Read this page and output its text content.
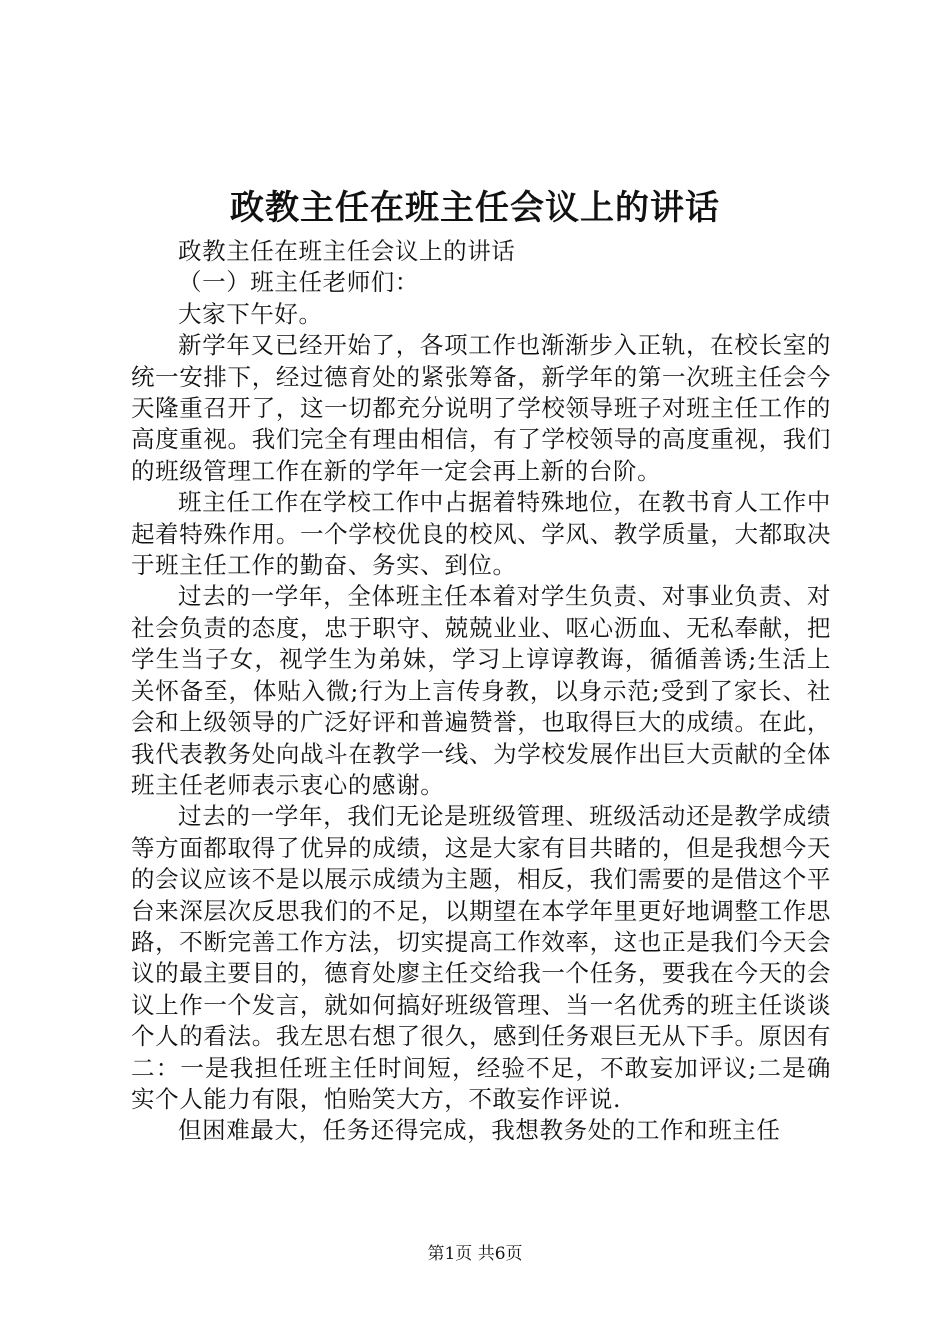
政教主任在班主任会议上的讲话

政教主任在班主任会议上的讲话

（一）班主任老师们：

大家下午好。

新学年又已经开始了，各项工作也渐渐步入正轨，在校长室的统一安排下，经过德育处的紧张筹备，新学年的第一次班主任会今天隆重召开了，这一切都充分说明了学校领导班子对班主任工作的高度重视。我们完全有理由相信，有了学校领导的高度重视，我们的班级管理工作在新的学年一定会再上新的台阶。

班主任工作在学校工作中占据着特殊地位，在教书育人工作中起着特殊作用。一个学校优良的校风、学风、教学质量，大都取决于班主任工作的勤奋、务实、到位。

过去的一学年，全体班主任本着对学生负责、对事业负责、对社会负责的态度，忠于职守、兢兢业业、呕心沥血、无私奉献，把学生当子女，视学生为弟妹，学习上谆谆教诲，循循善诱;生活上关怀备至，体贴入微;行为上言传身教，以身示范;受到了家长、社会和上级领导的广泛好评和普遍赞誉，也取得巨大的成绩。在此，我代表教务处向战斗在教学一线、为学校发展作出巨大贡献的全体班主任老师表示衷心的感谢。

过去的一学年，我们无论是班级管理、班级活动还是教学成绩等方面都取得了优异的成绩，这是大家有目共睹的，但是我想今天的会议应该不是以展示成绩为主题，相反，我们需要的是借这个平台来深层次反思我们的不足，以期望在本学年里更好地调整工作思路，不断完善工作方法，切实提高工作效率，这也正是我们今天会议的最主要目的，德育处廖主任交给我一个任务，要我在今天的会议上作一个发言，就如何搞好班级管理、当一名优秀的班主任谈谈个人的看法。我左思右想了很久，感到任务艰巨无从下手。原因有二：一是我担任班主任时间短，经验不足，不敢妄加评议;二是确实个人能力有限，怕贻笑大方，不敢妄作评说.

但困难最大，任务还得完成，我想教务处的工作和班主任

第1页 共6页
